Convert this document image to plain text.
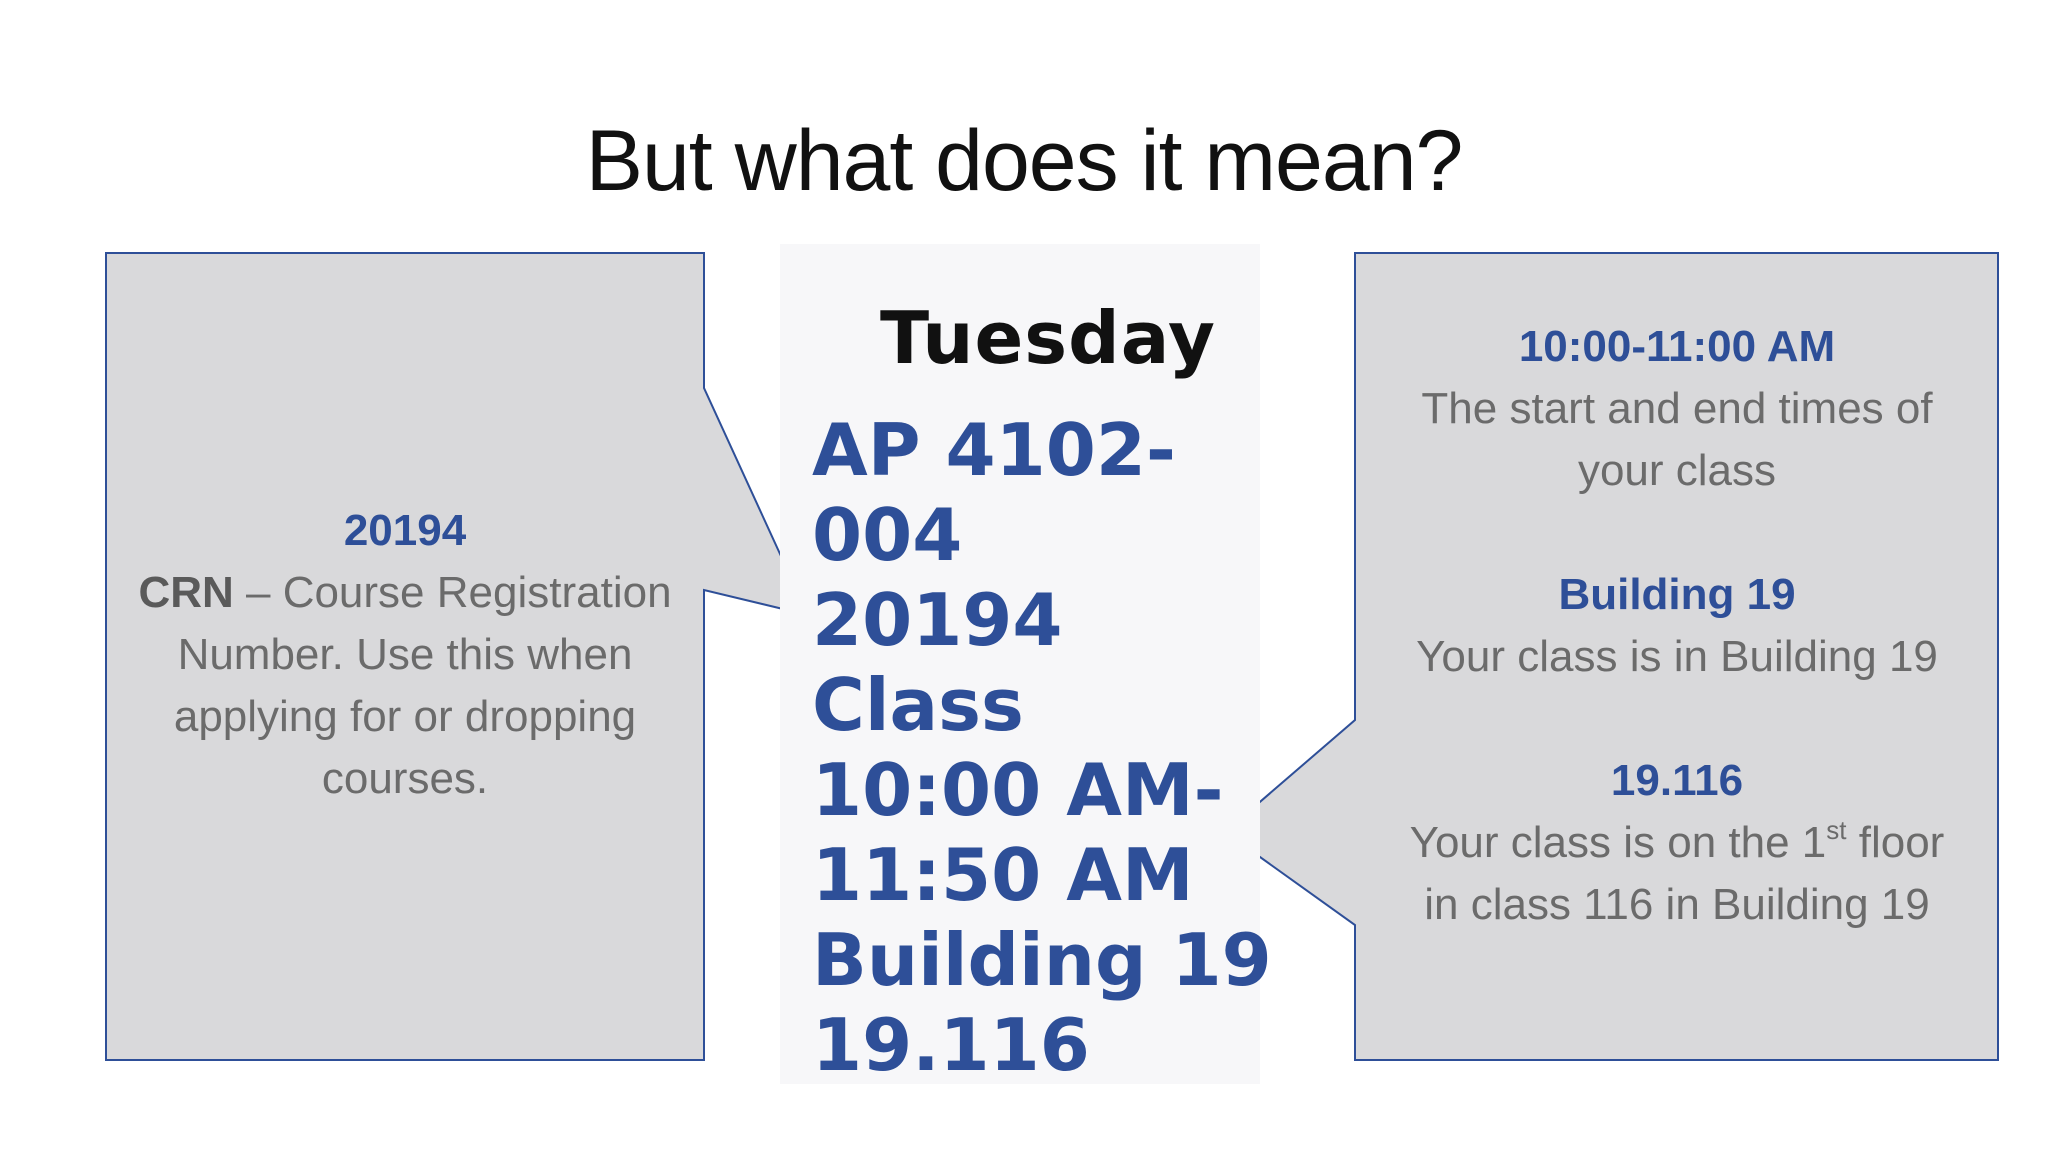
But what does it mean?
Tuesday
AP 4102-
004
20194
Class
10:00 AM-
11:50 AM
Building 19
19.116
20194
CRN – Course Registration
Number. Use this when
applying for or dropping
courses.
10:00-11:00 AM
The start and end times of
your class
Building 19
Your class is in Building 19
19.116
Your class is on the 1st floor
in class 116 in Building 19
